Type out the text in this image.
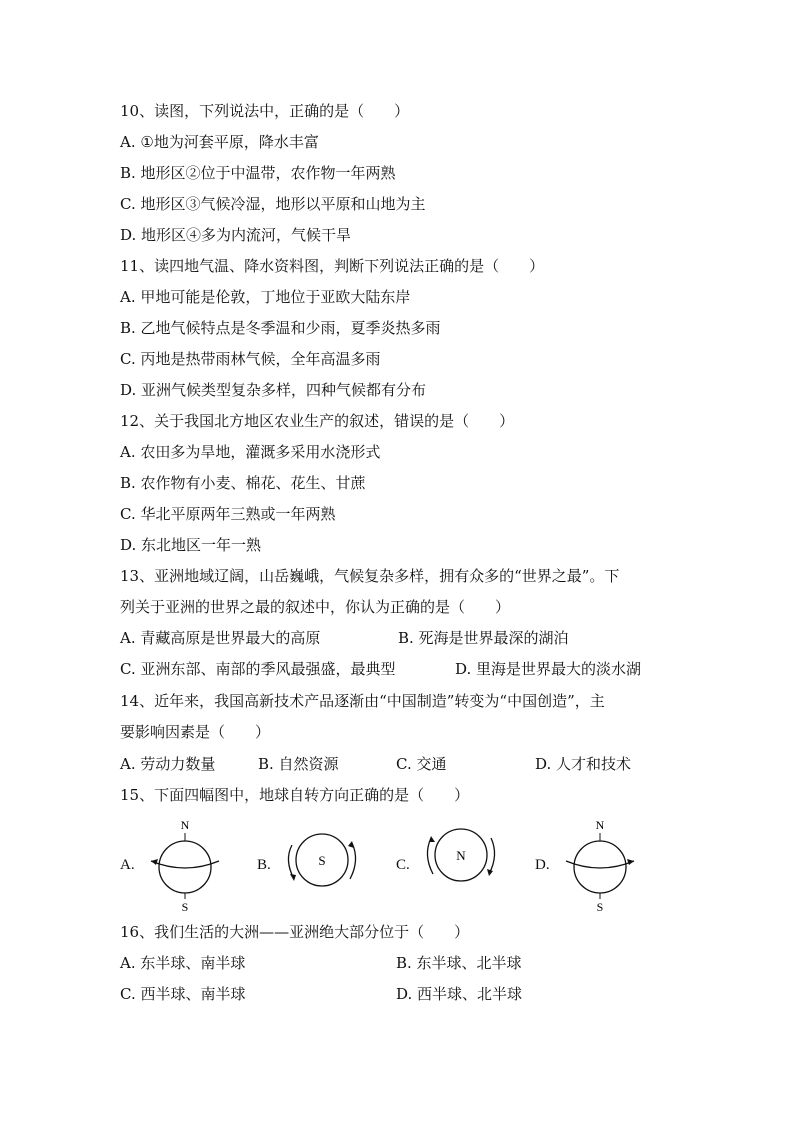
10、读图，下列说法中，正确的是（　　）
A. ①地为河套平原，降水丰富
B. 地形区②位于中温带，农作物一年两熟
C. 地形区③气候冷湿，地形以平原和山地为主
D. 地形区④多为内流河，气候干旱
11、读四地气温、降水资料图，判断下列说法正确的是（　　）
A. 甲地可能是伦敦，丁地位于亚欧大陆东岸
B. 乙地气候特点是冬季温和少雨，夏季炎热多雨
C. 丙地是热带雨林气候，全年高温多雨
D. 亚洲气候类型复杂多样，四种气候都有分布
12、关于我国北方地区农业生产的叙述，错误的是（　　）
A. 农田多为旱地，灌溉多采用水浇形式
B. 农作物有小麦、棉花、花生、甘蔗
C. 华北平原两年三熟或一年两熟
D. 东北地区一年一熟
13、亚洲地域辽阔，山岳巍峨，气候复杂多样，拥有众多的“世界之最”。下
列关于亚洲的世界之最的叙述中，你认为正确的是（　　）
A. 青藏高原是世界最大的高原	B. 死海是世界最深的湖泊
C. 亚洲东部、南部的季风最强盛，最典型	D. 里海是世界最大的淡水湖
14、近年来，我国高新技术产品逐渐由“中国制造”转变为“中国创造”，主
要影响因素是（　　）
A. 劳动力数量	B. 自然资源	C. 交通	D. 人才和技术
15、下面四幅图中，地球自转方向正确的是（　　）
A.
N
S
B.	S	C.
N
D.
N
S
16、我们生活的大洲——亚洲绝大部分位于（　　）
A. 东半球、南半球	B. 东半球、北半球
C. 西半球、南半球	D. 西半球、北半球
